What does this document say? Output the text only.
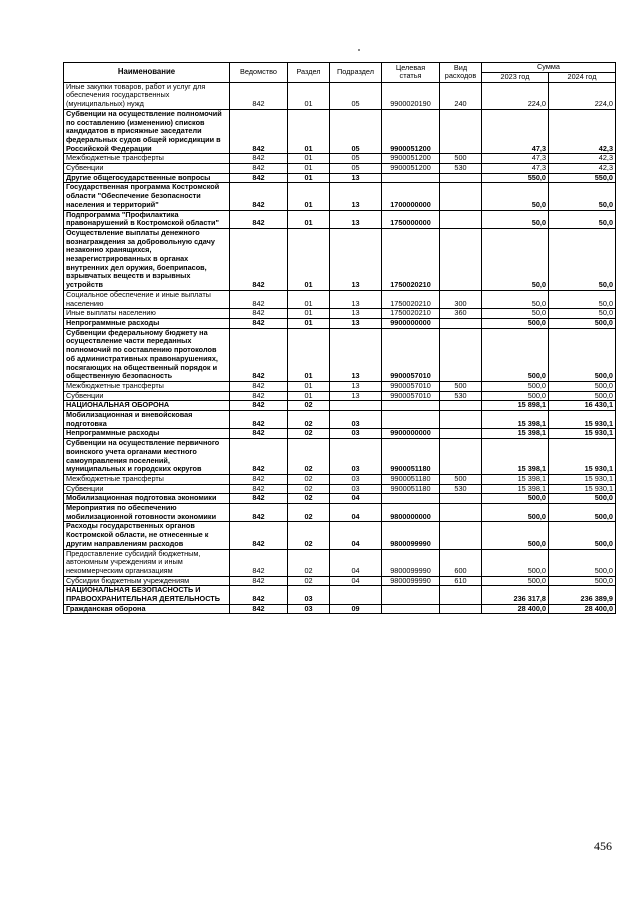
Наименование	Ведомство	Раздел	Подраздел	Целевая статья	Вид расходов	Сумма	
						2023 год	2024 год
Иные закупки товаров, работ и услуг для обеспечения государственных (муниципальных) нужд	842	01	05	9900020190	240	224,0	224,0
Субвенции на осуществление полномочий по составлению (изменению) списков кандидатов в присяжные заседатели федеральных судов общей юрисдикции в Российской Федерации	842	01	05	9900051200		47,3	42,3
Межбюджетные трансферты	842	01	05	9900051200	500	47,3	42,3
Субвенции	842	01	05	9900051200	530	47,3	42,3
Другие общегосударственные вопросы	842	01	13			550,0	550,0
Государственная программа Костромской области "Обеспечение безопасности населения и территорий"	842	01	13	1700000000		50,0	50,0
Подпрограмма "Профилактика правонарушений в Костромской области"	842	01	13	1750000000		50,0	50,0
Осуществление выплаты денежного вознаграждения за добровольную сдачу незаконно хранящихся, незарегистрированных в органах внутренних дел оружия, боеприпасов, взрывчатых веществ и взрывных устройств	842	01	13	1750020210		50,0	50,0
Социальное обеспечение и иные выплаты населению	842	01	13	1750020210	300	50,0	50,0
Иные выплаты населению	842	01	13	1750020210	360	50,0	50,0
Непрограммные расходы	842	01	13	9900000000		500,0	500,0
Субвенции федеральному бюджету на осуществление части переданных полномочий по составлению протоколов об административных правонарушениях, посягающих на общественный порядок и общественную безопасность	842	01	13	9900057010		500,0	500,0
Межбюджетные трансферты	842	01	13	9900057010	500	500,0	500,0
Субвенции	842	01	13	9900057010	530	500,0	500,0
НАЦИОНАЛЬНАЯ ОБОРОНА	842	02				15 898,1	16 430,1
Мобилизационная и вневойсковая подготовка	842	02	03			15 398,1	15 930,1
Непрограммные расходы	842	02	03	9900000000		15 398,1	15 930,1
Субвенции на осуществление первичного воинского учета органами местного самоуправления поселений, муниципальных и городских округов	842	02	03	9900051180		15 398,1	15 930,1
Межбюджетные трансферты	842	02	03	9900051180	500	15 398,1	15 930,1
Субвенции	842	02	03	9900051180	530	15 398,1	15 930,1
Мобилизационная подготовка экономики	842	02	04			500,0	500,0
Мероприятия по обеспечению мобилизационной готовности экономики	842	02	04	9800000000		500,0	500,0
Расходы государственных органов Костромской области, не отнесенные к другим направлениям расходов	842	02	04	9800099990		500,0	500,0
Предоставление субсидий бюджетным, автономным учреждениям и иным некоммерческим организациям	842	02	04	9800099990	600	500,0	500,0
Субсидии бюджетным учреждениям	842	02	04	9800099990	610	500,0	500,0
НАЦИОНАЛЬНАЯ БЕЗОПАСНОСТЬ И ПРАВООХРАНИТЕЛЬНАЯ ДЕЯТЕЛЬНОСТЬ	842	03				236 317,8	236 389,9
Гражданская оборона	842	03	09			28 400,0	28 400,0
456
